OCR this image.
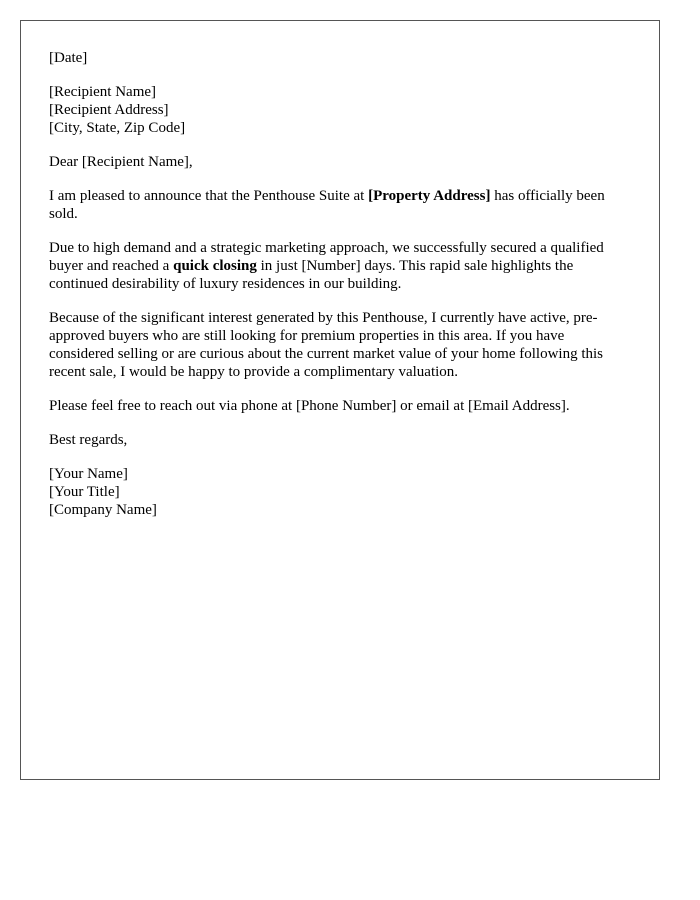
[Date]
[Recipient Name]
[Recipient Address]
[City, State, Zip Code]

Dear [Recipient Name],

I am pleased to announce that the Penthouse Suite at [Property Address] has officially been sold.

Due to high demand and a strategic marketing approach, we successfully secured a qualified buyer and reached a quick closing in just [Number] days. This rapid sale highlights the continued desirability of luxury residences in our building.

Because of the significant interest generated by this Penthouse, I currently have active, pre-approved buyers who are still looking for premium properties in this area. If you have considered selling or are curious about the current market value of your home following this recent sale, I would be happy to provide a complimentary valuation.

Please feel free to reach out via phone at [Phone Number] or email at [Email Address].

Best regards,

[Your Name]
[Your Title]
[Company Name]
